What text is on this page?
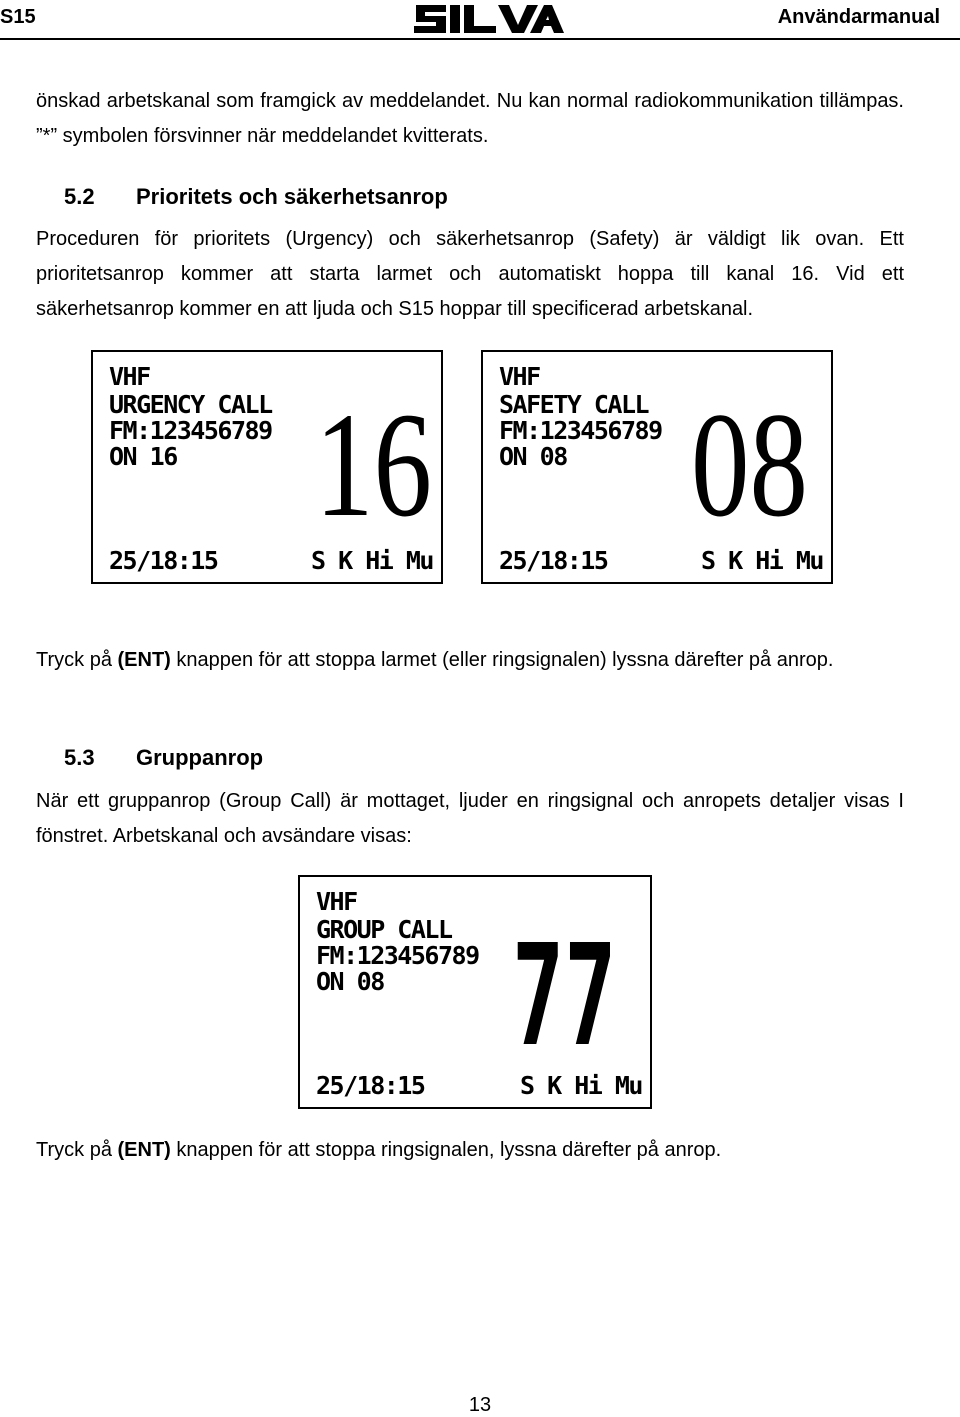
S15	Användarmanual

önskad arbetskanal som framgick av meddelandet. Nu kan normal radiokommunikation tillämpas. ”*” symbolen försvinner när meddelandet kvitterats.

5.2 Prioritets och säkerhetsanrop

Proceduren för prioritets (Urgency) och säkerhetsanrop (Safety) är väldigt lik ovan. Ett prioritetsanrop kommer att starta larmet och automatiskt hoppa till kanal 16. Vid ett säkerhetsanrop kommer en att ljuda och S15 hoppar till specificerad arbetskanal.

VHF
URGENCY CALL
FM:123456789
ON 16 16
25/18:15	S K Hi Mu
VHF
SAFETY CALL
FM:123456789
ON 08 08
25/18:15	S K Hi Mu

Tryck på (ENT) knappen för att stoppa larmet (eller ringsignalen) lyssna därefter på anrop.

5.3 Gruppanrop

När ett gruppanrop (Group Call) är mottaget, ljuder en ringsignal och anropets detaljer visas I fönstret. Arbetskanal och avsändare visas:

VHF
GROUP CALL
FM:123456789
ON 08 77
25/18:15	S K Hi Mu

Tryck på (ENT) knappen för att stoppa ringsignalen, lyssna därefter på anrop.

13
